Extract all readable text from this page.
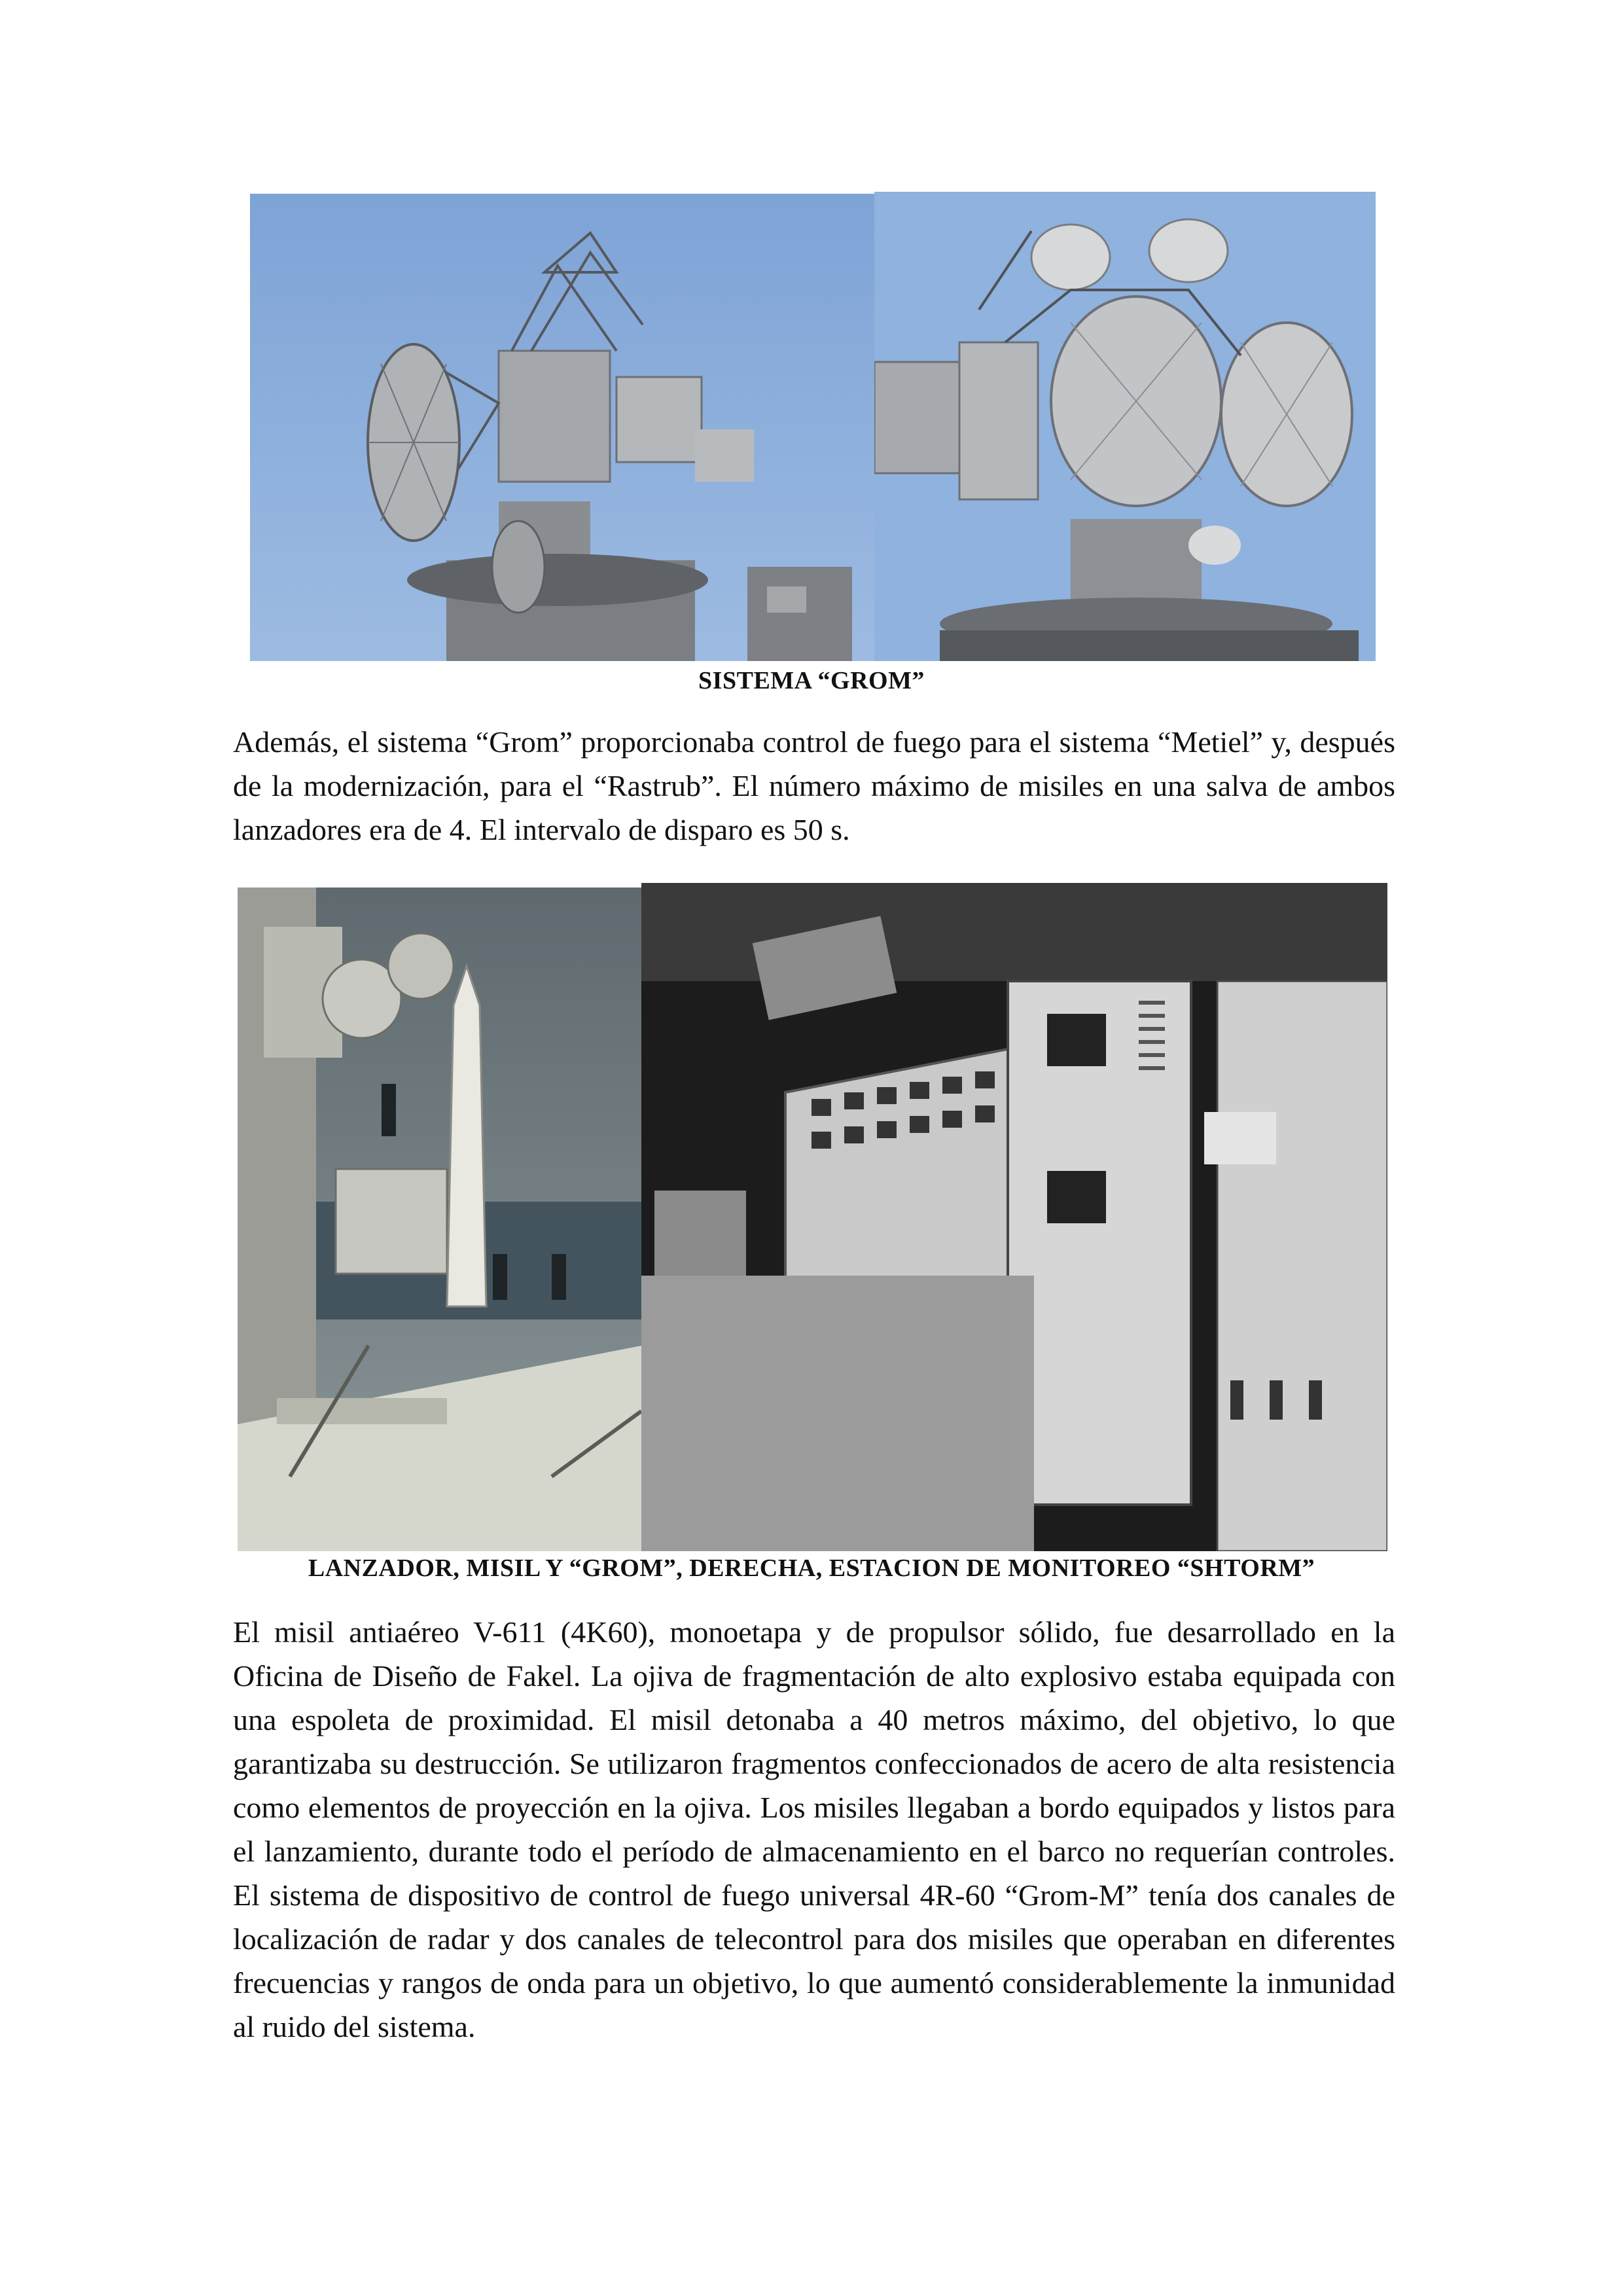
SISTEMA “GROM”
Además, el sistema “Grom” proporcionaba control de fuego para el sistema “Metiel” y, después de la modernización, para el “Rastrub”. El número máximo de misiles en una salva de ambos lanzadores era de 4. El intervalo de disparo es 50 s.
LANZADOR, MISIL Y “GROM”, DERECHA, ESTACION DE MONITOREO “SHTORM”
El misil antiaéreo V-611 (4K60), monoetapa y de propulsor sólido, fue desarrollado en la Oficina de Diseño de Fakel. La ojiva de fragmentación de alto explosivo estaba equipada con una espoleta de proximidad. El misil detonaba a 40 metros máximo, del objetivo, lo que garantizaba su destrucción. Se utilizaron fragmentos confeccionados de acero de alta resistencia como elementos de proyección en la ojiva. Los misiles llegaban a bordo equipados y listos para el lanzamiento, durante todo el período de almacenamiento en el barco no requerían controles. El sistema de dispositivo de control de fuego universal 4R-60 “Grom-M” tenía dos canales de localización de radar y dos canales de telecontrol para dos misiles que operaban en diferentes frecuencias y rangos de onda para un objetivo, lo que aumentó considerablemente la inmunidad al ruido del sistema.
